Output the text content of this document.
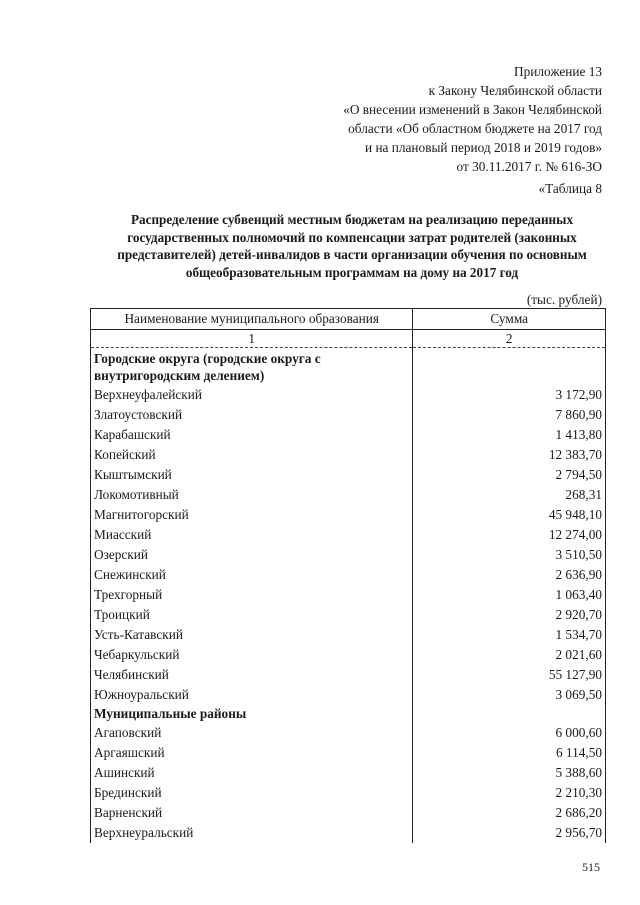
Приложение 13
к Закону Челябинской области
«О внесении изменений в Закон Челябинской
области «Об областном бюджете на 2017 год
и на плановый период 2018 и 2019 годов»
от 30.11.2017 г. № 616-ЗО
«Таблица 8
Распределение субвенций местным бюджетам на реализацию переданных государственных полномочий по компенсации затрат родителей (законных представителей) детей-инвалидов в части организации обучения по основным общеобразовательным программам на дому на 2017 год
(тыс. рублей)
Наименование муниципального образования	Сумма
1	2
Городские округа (городские округа с внутригородским делением)	
Верхнеуфалейский	3 172,90
Златоустовский	7 860,90
Карабашский	1 413,80
Копейский	12 383,70
Кыштымский	2 794,50
Локомотивный	268,31
Магнитогорский	45 948,10
Миасский	12 274,00
Озерский	3 510,50
Снежинский	2 636,90
Трехгорный	1 063,40
Троицкий	2 920,70
Усть-Катавский	1 534,70
Чебаркульский	2 021,60
Челябинский	55 127,90
Южноуральский	3 069,50
Муниципальные районы	
Агаповский	6 000,60
Аргаяшский	6 114,50
Ашинский	5 388,60
Брединский	2 210,30
Варненский	2 686,20
Верхнеуральский	2 956,70
515
